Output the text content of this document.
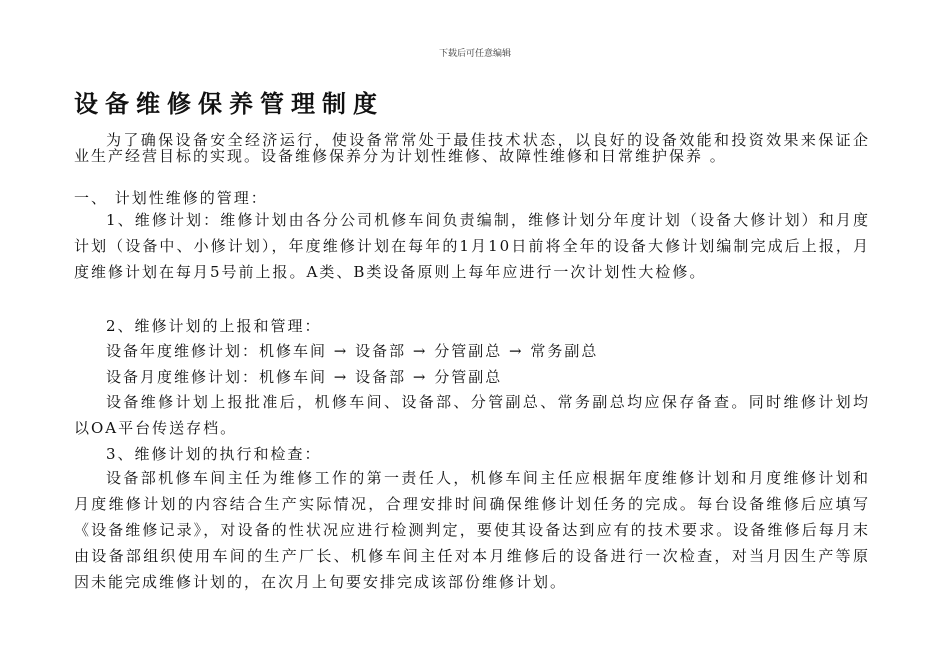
下载后可任意编辑
设备维修保养管理制度

为了确保设备安全经济运行，使设备常常处于最佳技术状态，以良好的设备效能和投资效果来保证企业生产经营目标的实现。设备维修保养分为计划性维修、故障性维修和日常维护保养 。

一、 计划性维修的管理：

1、维修计划：维修计划由各分公司机修车间负责编制，维修计划分年度计划（设备大修计划）和月度计划（设备中、小修计划），年度维修计划在每年的1月10日前将全年的设备大修计划编制完成后上报，月度维修计划在每月5号前上报。A类、B类设备原则上每年应进行一次计划性大检修。

2、维修计划的上报和管理：
设备年度维修计划：机修车间 → 设备部 → 分管副总 → 常务副总
设备月度维修计划：机修车间 → 设备部 → 分管副总

设备维修计划上报批准后，机修车间、设备部、分管副总、常务副总均应保存备查。同时维修计划均以OA平台传送存档。

3、维修计划的执行和检查：

设备部机修车间主任为维修工作的第一责任人，机修车间主任应根据年度维修计划和月度维修计划和月度维修计划的内容结合生产实际情况，合理安排时间确保维修计划任务的完成。每台设备维修后应填写《设备维修记录》，对设备的性状况应进行检测判定，要使其设备达到应有的技术要求。设备维修后每月末由设备部组织使用车间的生产厂长、机修车间主任对本月维修后的设备进行一次检查，对当月因生产等原因未能完成维修计划的，在次月上旬要安排完成该部份维修计划。
